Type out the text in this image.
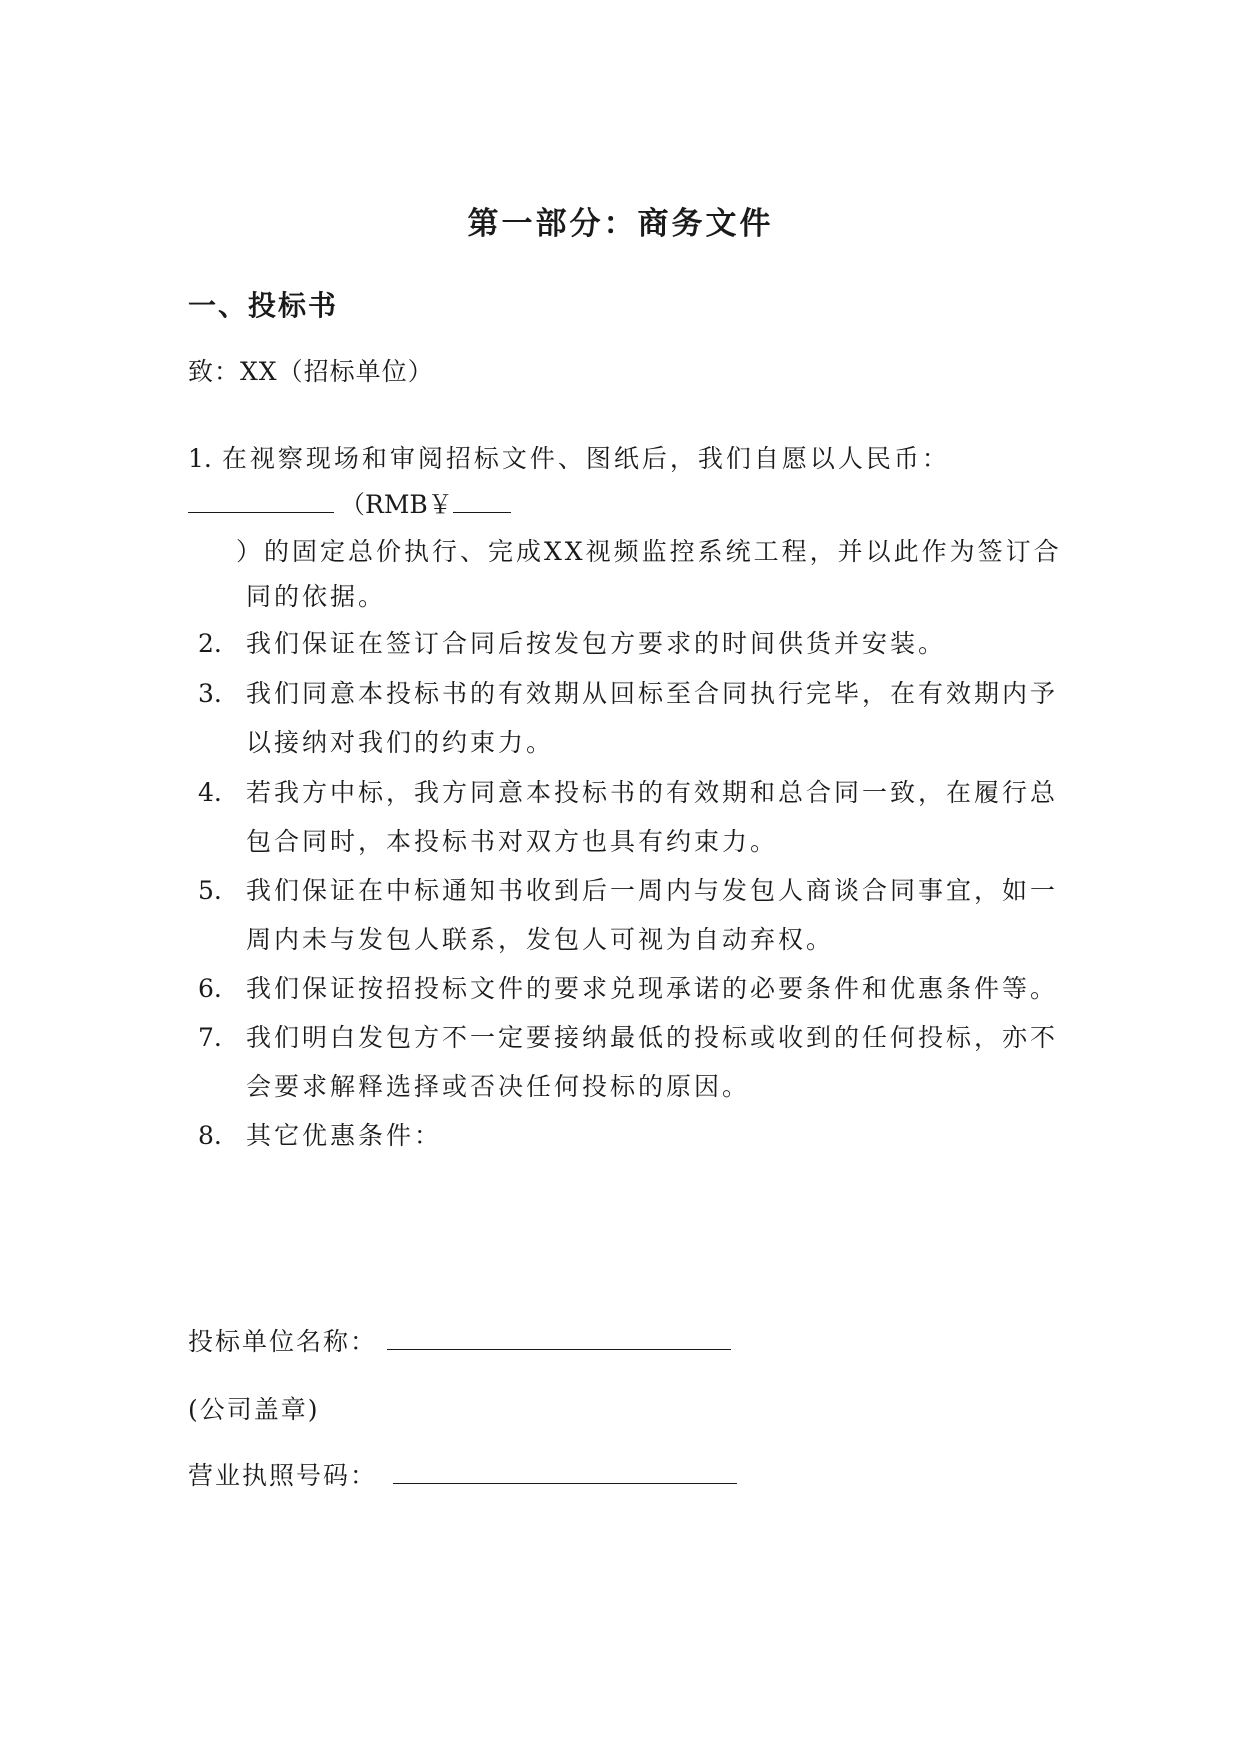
第一部分：商务文件
一、投标书
致：XX（招标单位）
1. 在视察现场和审阅招标文件、图纸后，我们自愿以人民币：
（RMB￥
）的固定总价执行、完成XX视频监控系统工程，并以此作为签订合
同的依据。
2. 我们保证在签订合同后按发包方要求的时间供货并安装。
3. 我们同意本投标书的有效期从回标至合同执行完毕，在有效期内予
以接纳对我们的约束力。
4. 若我方中标，我方同意本投标书的有效期和总合同一致，在履行总
包合同时，本投标书对双方也具有约束力。
5. 我们保证在中标通知书收到后一周内与发包人商谈合同事宜，如一
周内未与发包人联系，发包人可视为自动弃权。
6. 我们保证按招投标文件的要求兑现承诺的必要条件和优惠条件等。
7. 我们明白发包方不一定要接纳最低的投标或收到的任何投标，亦不
会要求解释选择或否决任何投标的原因。
8. 其它优惠条件：
投标单位名称：
(公司盖章)
营业执照号码：
